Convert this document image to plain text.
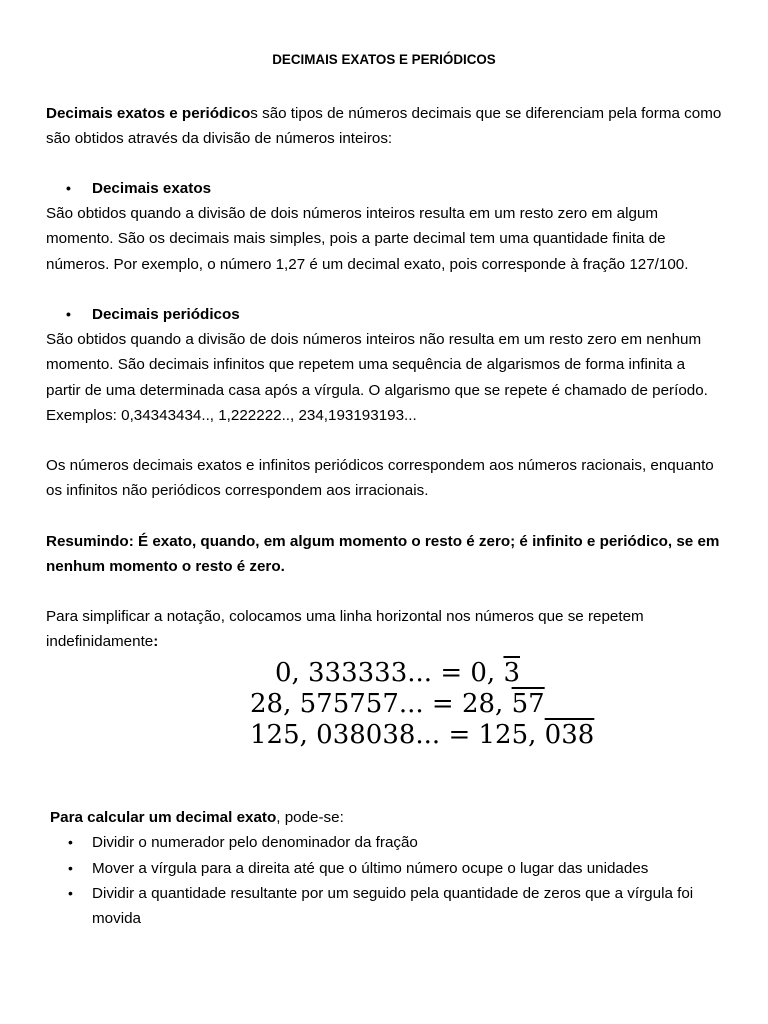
DECIMAIS EXATOS E PERIÓDICOS

Decimais exatos e periódicos são tipos de números decimais que se diferenciam pela forma como são obtidos através da divisão de números inteiros:

• Decimais exatos

São obtidos quando a divisão de dois números inteiros resulta em um resto zero em algum momento. São os decimais mais simples, pois a parte decimal tem uma quantidade finita de números. Por exemplo, o número 1,27 é um decimal exato, pois corresponde à fração 127/100.

• Decimais periódicos

São obtidos quando a divisão de dois números inteiros não resulta em um resto zero em nenhum momento. São decimais infinitos que repetem uma sequência de algarismos de forma infinita a partir de uma determinada casa após a vírgula. O algarismo que se repete é chamado de período. Exemplos: 0,34343434.., 1,222222.., 234,193193193...

Os números decimais exatos e infinitos periódicos correspondem aos números racionais, enquanto os infinitos não periódicos correspondem aos irracionais.

Resumindo: É exato, quando, em algum momento o resto é zero; é infinito e periódico, se em nenhum momento o resto é zero.

Para simplificar a notação, colocamos uma linha horizontal nos números que se repetem indefinidamente:

0, 333333... = 0, 3
28, 575757... = 28, 57
125, 038038... = 125, 038
Para calcular um decimal exato, pode-se:
• Dividir o numerador pelo denominador da fração
• Mover a vírgula para a direita até que o último número ocupe o lugar das unidades
• Dividir a quantidade resultante por um seguido pela quantidade de zeros que a vírgula foi movida
